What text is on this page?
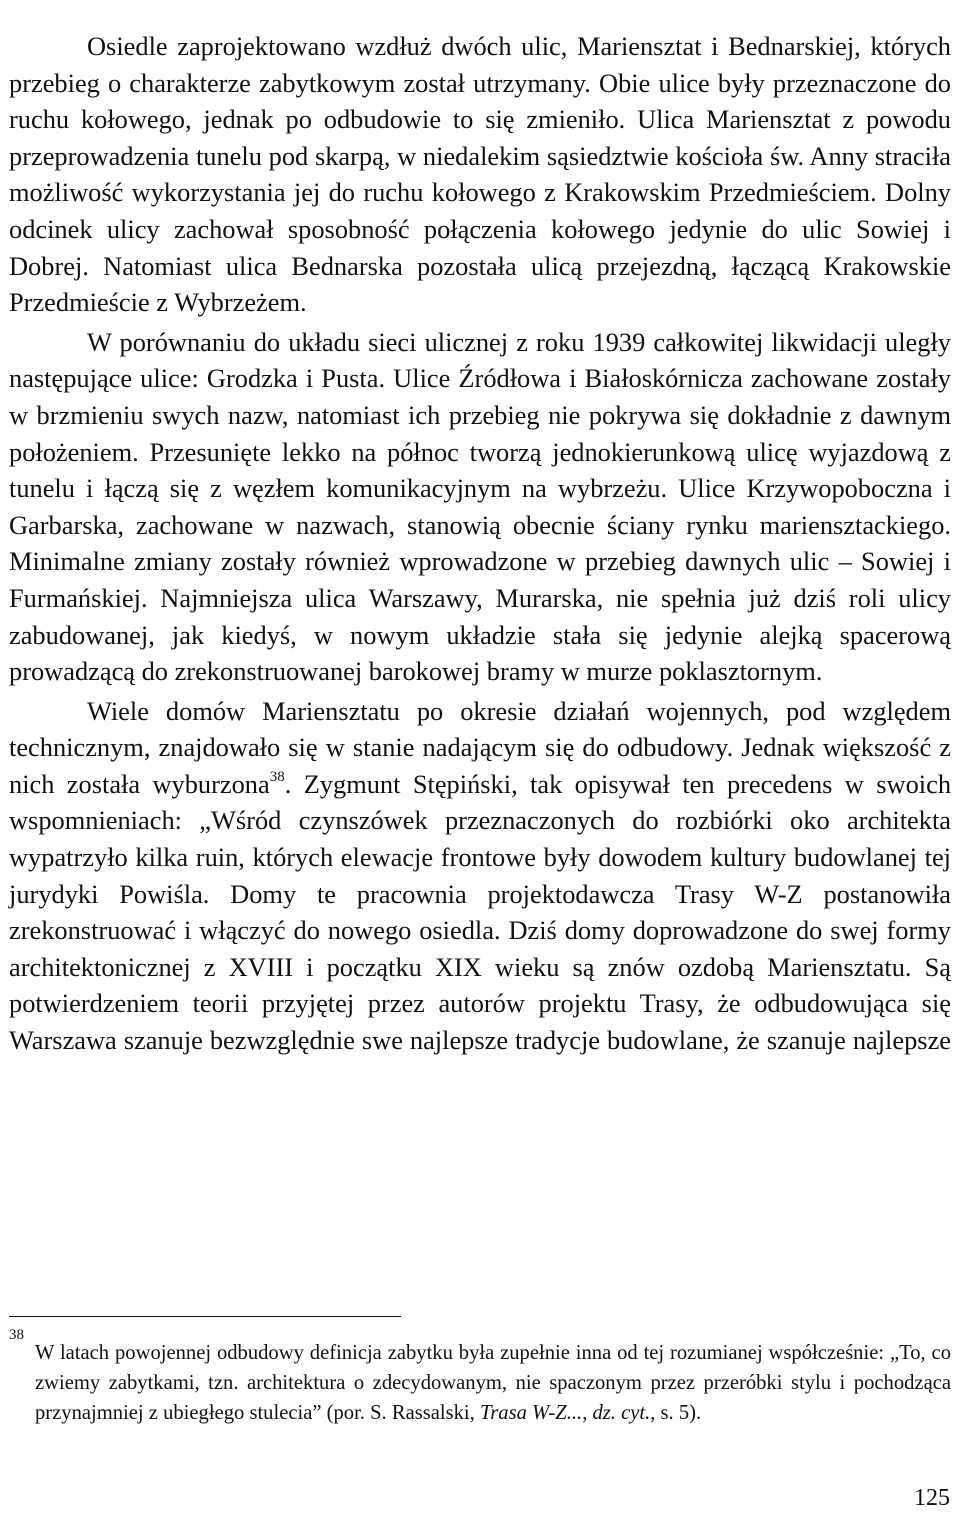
Osiedle zaprojektowano wzdłuż dwóch ulic, Mariensztat i Bednarskiej, których przebieg o charakterze zabytkowym został utrzymany. Obie ulice były przeznaczone do ruchu kołowego, jednak po odbudowie to się zmieniło. Ulica Mariensztat z powodu przeprowadzenia tunelu pod skarpą, w niedalekim sąsiedztwie kościoła św. Anny straciła możliwość wykorzystania jej do ruchu kołowego z Krakowskim Przedmieściem. Dolny odcinek ulicy zachował sposobność połączenia kołowego jedynie do ulic Sowiej i Dobrej. Natomiast ulica Bednarska pozostała ulicą przejezdną, łączącą Krakowskie Przedmieście z Wybrzeżem.

W porównaniu do układu sieci ulicznej z roku 1939 całkowitej likwidacji uległy następujące ulice: Grodzka i Pusta. Ulice Źródłowa i Białoskórnicza zachowane zostały w brzmieniu swych nazw, natomiast ich przebieg nie pokrywa się dokładnie z dawnym położeniem. Przesunięte lekko na północ tworzą jednokierunkową ulicę wyjazdową z tunelu i łączą się z węzłem komunikacyjnym na wybrzeżu. Ulice Krzywopoboczna i Garbarska, zachowane w nazwach, stanowią obecnie ściany rynku mariensztackiego. Minimalne zmiany zostały również wprowadzone w przebieg dawnych ulic – Sowiej i Furmańskiej. Najmniejsza ulica Warszawy, Murarska, nie spełnia już dziś roli ulicy zabudowanej, jak kiedyś, w nowym układzie stała się jedynie alejką spacerową prowadzącą do zrekonstruowanej barokowej bramy w murze poklasztornym.

Wiele domów Mariensztatu po okresie działań wojennych, pod względem technicznym, znajdowało się w stanie nadającym się do odbudowy. Jednak większość z nich została wyburzona$^{38}$. Zygmunt Stępiński, tak opisywał ten precedens w swoich wspomnieniach: „Wśród czynszówek przeznaczonych do rozbiórki oko architekta wypatrzyło kilka ruin, których elewacje frontowe były dowodem kultury budowlanej tej jurydyki Powiśla. Domy te pracownia projektodawcza Trasy W-Z postanowiła zrekonstruować i włączyć do nowego osiedla. Dziś domy doprowadzone do swej formy architektonicznej z XVIII i początku XIX wieku są znów ozdobą Mariensztatu. Są potwierdzeniem teorii przyjętej przez autorów projektu Trasy, że odbudowująca się Warszawa szanuje bezwzględnie swe najlepsze tradycje budowlane, że szanuje najlepsze

38

W latach powojennej odbudowy definicja zabytku była zupełnie inna od tej rozumianej współcześnie: „To, co zwiemy zabytkami, tzn. architektura o zdecydowanym, nie spaczonym przez przeróbki stylu i pochodząca przynajmniej z ubiegłego stulecia” (por. S. Rassalski, Trasa W-Z..., dz. cyt., s. 5).

125
